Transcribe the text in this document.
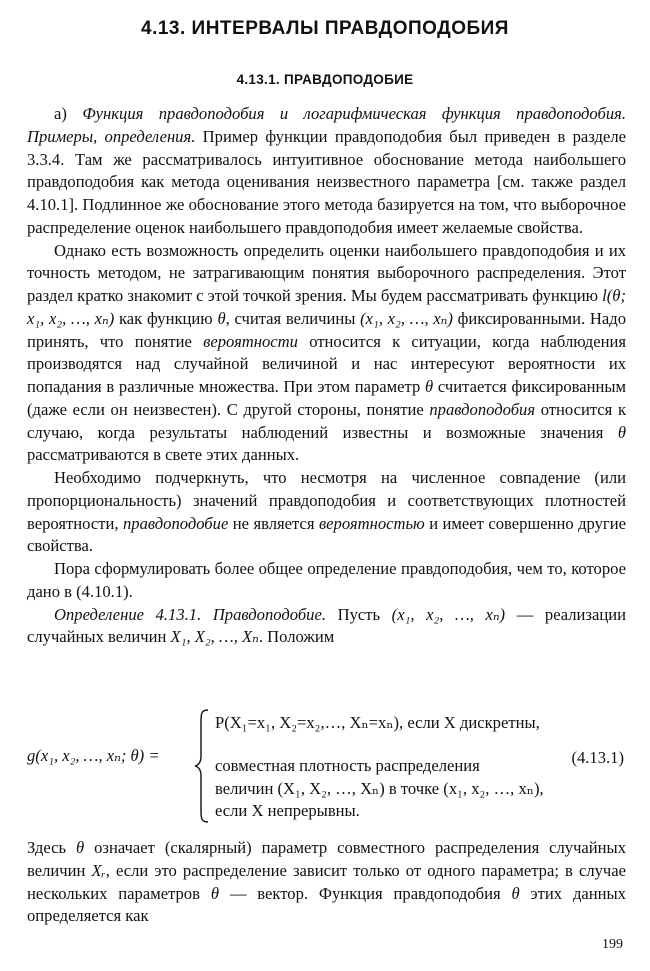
4.13. ИНТЕРВАЛЫ ПРАВДОПОДОБИЯ
4.13.1. ПРАВДОПОДОБИЕ

а) Функция правдоподобия и логарифмическая функция правдоподобия. Примеры, определения. Пример функции правдоподобия был приведен в разделе 3.3.4. Там же рассматривалось интуитивное обоснование метода наибольшего правдоподобия как метода оценивания неизвестного параметра [см. также раздел 4.10.1]. Подлинное же обоснование этого метода базируется на том, что выборочное распределение оценок наибольшего правдоподобия имеет желаемые свойства.

Однако есть возможность определить оценки наибольшего правдоподобия и их точность методом, не затрагивающим понятия выборочного распределения. Этот раздел кратко знакомит с этой точкой зрения. Мы будем рассматривать функцию l(θ; x₁, x₂, …, xₙ) как функцию θ, считая величины (x₁, x₂, …, xₙ) фиксированными. Надо принять, что понятие вероятности относится к ситуации, когда наблюдения производятся над случайной величиной и нас интересуют вероятности их попадания в различные множества. При этом параметр θ считается фиксированным (даже если он неизвестен). С другой стороны, понятие правдоподобия относится к случаю, когда результаты наблюдений известны и возможные значения θ рассматриваются в свете этих данных.

Необходимо подчеркнуть, что несмотря на численное совпадение (или пропорциональность) значений правдоподобия и соответствующих плотностей вероятности, правдоподобие не является вероятностью и имеет совершенно другие свойства.

Пора сформулировать более общее определение правдоподобия, чем то, которое дано в (4.10.1).

Определение 4.13.1. Правдоподобие. Пусть (x₁, x₂, …, xₙ) — реализации случайных величин X₁, X₂, …, Xₙ. Положим

g(x₁, x₂, …, xₙ; θ) =
P(X₁=x₁, X₂=x₂,…, Xₙ=xₙ), если X дискретны,
совместная плотность распределения
величин (X₁, X₂, …, Xₙ) в точке (x₁, x₂, …, xₙ),
если X непрерывны.
(4.13.1)

Здесь θ означает (скалярный) параметр совместного распределения случайных величин Xᵣ, если это распределение зависит только от одного параметра; в случае нескольких параметров θ — вектор. Функция правдоподобия θ этих данных определяется как

199
